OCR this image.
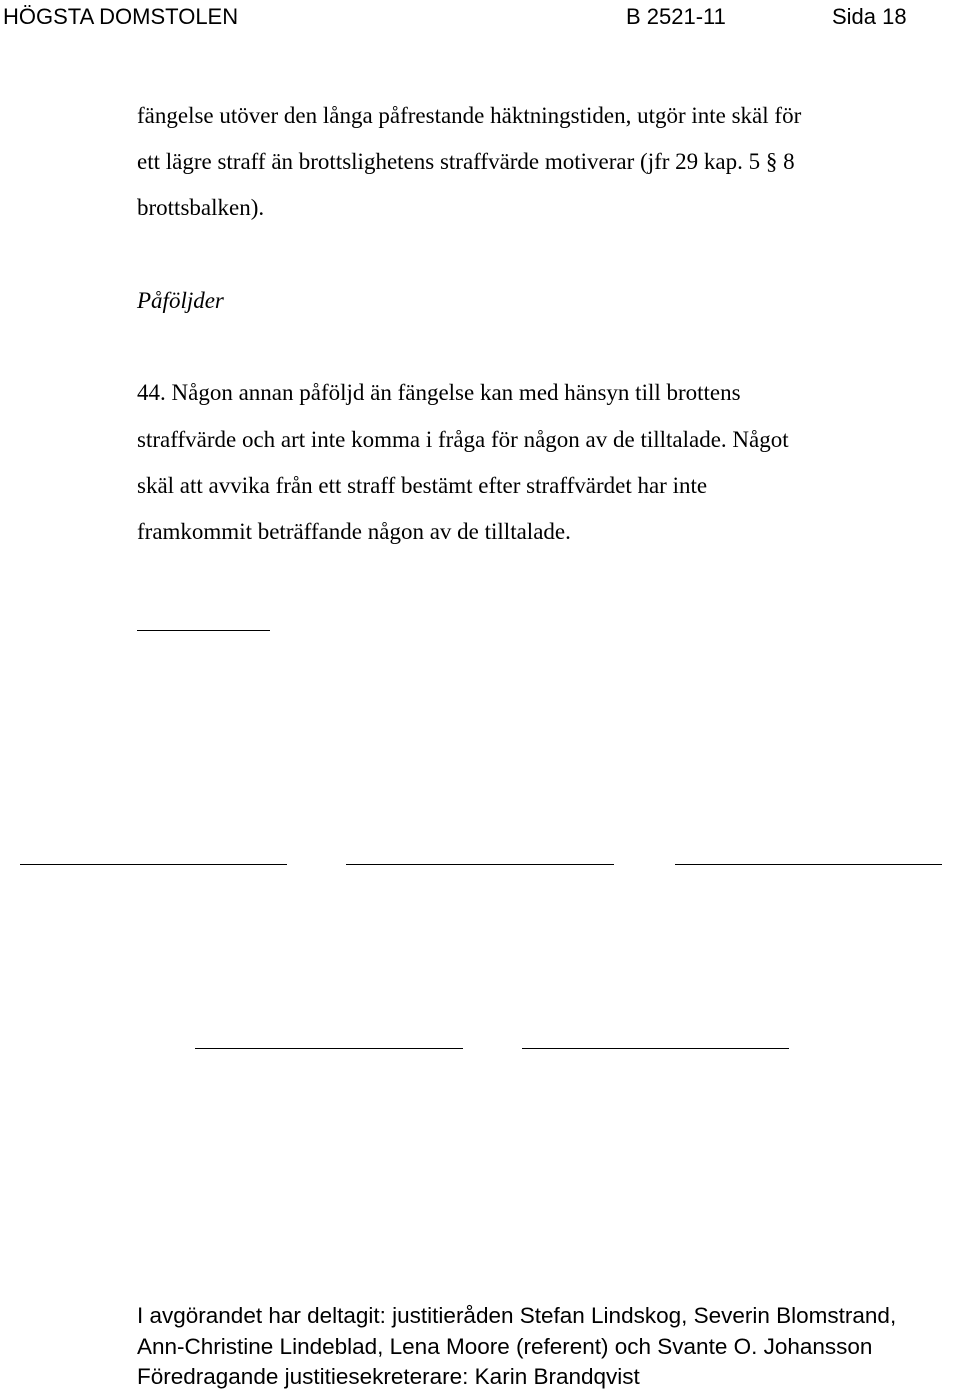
HÖGSTA DOMSTOLEN	B 2521-11	Sida 18
fängelse utöver den långa påfrestande häktningstiden, utgör inte skäl för
ett lägre straff än brottslighetens straffvärde motiverar (jfr 29 kap. 5 § 8
brottsbalken).
Påföljder
44. Någon annan påföljd än fängelse kan med hänsyn till brottens
straffvärde och art inte komma i fråga för någon av de tilltalade. Något
skäl att avvika från ett straff bestämt efter straffvärdet har inte
framkommit beträffande någon av de tilltalade.
I avgörandet har deltagit: justitieråden Stefan Lindskog, Severin Blomstrand,
Ann-Christine Lindeblad, Lena Moore (referent) och Svante O. Johansson
Föredragande justitiesekreterare: Karin Brandqvist
